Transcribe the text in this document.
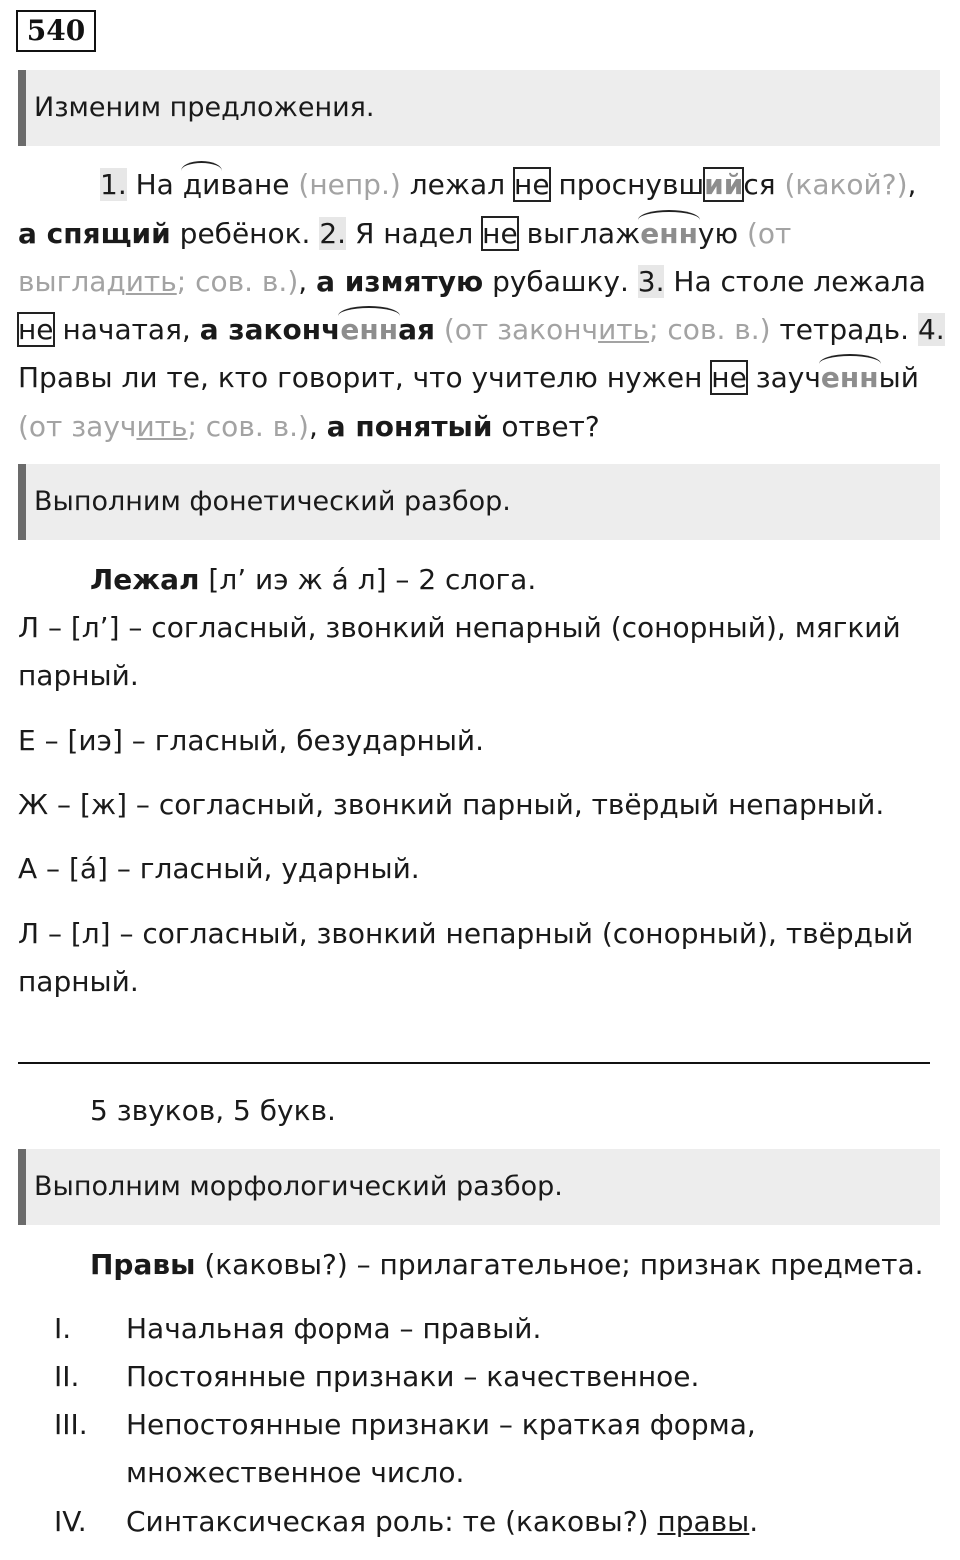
540
Изменим предложения.
1. На диване (непр.) лежал не проснувшийся (какой?),
а спящий ребёнок. 2. Я надел не выглаженную (от
выгладить; сов. в.), а измятую рубашку. 3. На столе лежала
не начатая, а законченная (от закончить; сов. в.) тетрадь. 4.
Правы ли те, кто говорит, что учителю нужен не заученный
(от заучить; сов. в.), а понятый ответ?
Выполним фонетический разбор.
Лежал [л’ иэ ж а́ л] – 2 слога.
Л – [л’] – согласный, звонкий непарный (сонорный), мягкий
парный.
Е – [иэ] – гласный, безударный.
Ж – [ж] – согласный, звонкий парный, твёрдый непарный.
А – [а́] – гласный, ударный.
Л – [л] – согласный, звонкий непарный (сонорный), твёрдый
парный.
5 звуков, 5 букв.
Выполним морфологический разбор.
Правы (каковы?) – прилагательное; признак предмета.
I. Начальная форма – правый.
II. Постоянные признаки – качественное.
III. Непостоянные признаки – краткая форма,
множественное число.
IV. Синтаксическая роль: те (каковы?) правы.
